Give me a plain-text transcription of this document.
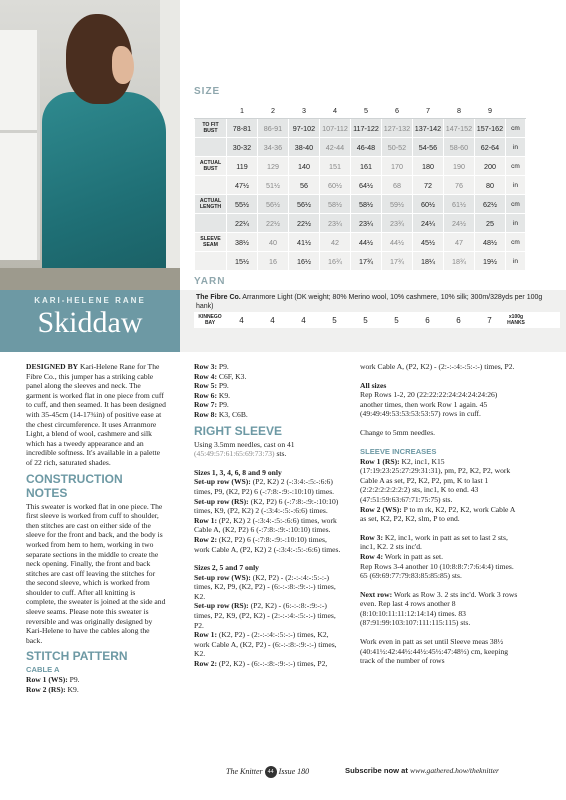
KARI-HELENE RANE
Skiddaw
SIZE
	1	2	3	4	5	6	7	8	9	
TO FIT BUST	78-81	86-91	97-102	107-112	117-122	127-132	137-142	147-152	157-162	cm
	30-32	34-36	38-40	42-44	46-48	50-52	54-56	58-60	62-64	in
ACTUAL BUST	119	129	140	151	161	170	180	190	200	cm
	47½	51½	56	60½	64½	68	72	76	80	in
ACTUAL LENGTH	55½	56½	56½	58½	58½	59½	60½	61½	62½	cm
	22¼	22½	22½	23¼	23¼	23¾	24¼	24½	25	in
SLEEVE SEAM	38½	40	41½	42	44½	44½	45½	47	48½	cm
	15½	16	16½	16¾	17¾	17¾	18¼	18¾	19½	in
YARN
The Fibre Co. Arranmore Light (DK weight; 80% Merino wool, 10% cashmere, 10% silk; 300m/328yds per 100g hank)
KINNEGO BAY	4	4	4	5	5	5	6	6	7	x100g HANKS

DESIGNED BY Kari-Helene Rane for The Fibre Co., this jumper has a striking cable panel along the sleeves and neck. The garment is worked flat in one piece from cuff to cuff, and then seamed. It has been designed with 35-45cm (14-17¾in) of positive ease at the chest circumference. It uses Arranmore Light, a blend of wool, cashmere and silk which has a tweedy appearance and an incredible softness. It's available in a palette of 22 rich, saturated shades.

CONSTRUCTION NOTES

This sweater is worked flat in one piece. The first sleeve is worked from cuff to shoulder, then stitches are cast on either side of the sleeve for the front and back, and the body is worked from hem to hem, working in two separate sections in the middle to create the neck opening. Finally, the front and back stitches are cast off leaving the stitches for the second sleeve, which is worked from shoulder to cuff. After all knitting is complete, the sweater is joined at the side and sleeve seams. Please note this sweater is reversible and was originally designed by Kari-Helene to have the cables along the back.

STITCH PATTERN
CABLE A

Row 1 (WS): P9.

Row 2 (RS): K9.

Row 3: P9.

Row 4: C6F, K3.

Row 5: P9.

Row 6: K9.

Row 7: P9.

Row 8: K3, C6B.

RIGHT SLEEVE

Using 3.5mm needles, cast on 41 (45:49:57:61:65:69:73:73) sts.

Sizes 1, 3, 4, 6, 8 and 9 only

Set-up row (WS): (P2, K2) 2 (-:3:4:-:5:-:6:6) times, P9, (K2, P2) 6 (-:7:8:-:9:-:10:10) times.

Set-up row (RS): (K2, P2) 6 (-:7:8:-:9:-:10:10) times, K9, (P2, K2) 2 (-:3:4:-:5:-:6:6) times.

Row 1: (P2, K2) 2 (-:3:4:-:5:-:6:6) times, work Cable A, (K2, P2) 6 (-:7:8:-:9:-:10:10) times.

Row 2: (K2, P2) 6 (-:7:8:-:9:-:10:10) times, work Cable A, (P2, K2) 2 (-:3:4:-:5:-:6:6) times.

Sizes 2, 5 and 7 only

Set-up row (WS): (K2, P2) - (2:-:-:4:-:5:-:-) times, K2, P9, (K2, P2) - (6:-:-:8:-:9:-:-) times, K2.

Set-up row (RS): (P2, K2) - (6:-:-:8:-:9:-:-) times, P2, K9, (P2, K2) - (2:-:-:4:-:5:-:-) times, P2.

Row 1: (K2, P2) - (2:-:-:4:-:5:-:-) times, K2, work Cable A, (K2, P2) - (6:-:-:8:-:9:-:-) times, K2.

Row 2: (P2, K2) - (6:-:-:8:-:9:-:-) times, P2,

work Cable A, (P2, K2) - (2:-:-:4:-:5:-:-) times, P2.

All sizes

Rep Rows 1-2, 20 (22:22:22:24:24:24:24:26) another times, then work Row 1 again. 45 (49:49:49:53:53:53:53:57) rows in cuff.

Change to 5mm needles.

SLEEVE INCREASES

Row 1 (RS): K2, inc1, K15 (17:19:23:25:27:29:31:31), pm, P2, K2, P2, work Cable A as set, P2, K2, P2, pm, K to last 1 (2:2:2:2:2:2:2:2) sts, inc1, K to end. 43 (47:51:59:63:67:71:75:75) sts.

Row 2 (WS): P to m rk, K2, P2, K2, work Cable A as set, K2, P2, K2, slm, P to end.

Row 3: K2, inc1, work in patt as set to last 2 sts, inc1, K2. 2 sts inc'd.

Row 4: Work in patt as set.

Rep Rows 3-4 another 10 (10:8:8:7:7:6:4:4) times. 65 (69:69:77:79:83:85:85:85) sts.

Next row: Work as Row 3. 2 sts inc'd. Work 3 rows even. Rep last 4 rows another 8 (8:10:10:11:11:12:14:14) times. 83 (87:91:99:103:107:111:115:115) sts.

Work even in patt as set until Sleeve meas 38½ (40:41½:42:44½:44½:45½:47:48½) cm, keeping track of the number of rows

The Knitter 44 Issue 180	Subscribe now at www.gathered.how/theknitter
